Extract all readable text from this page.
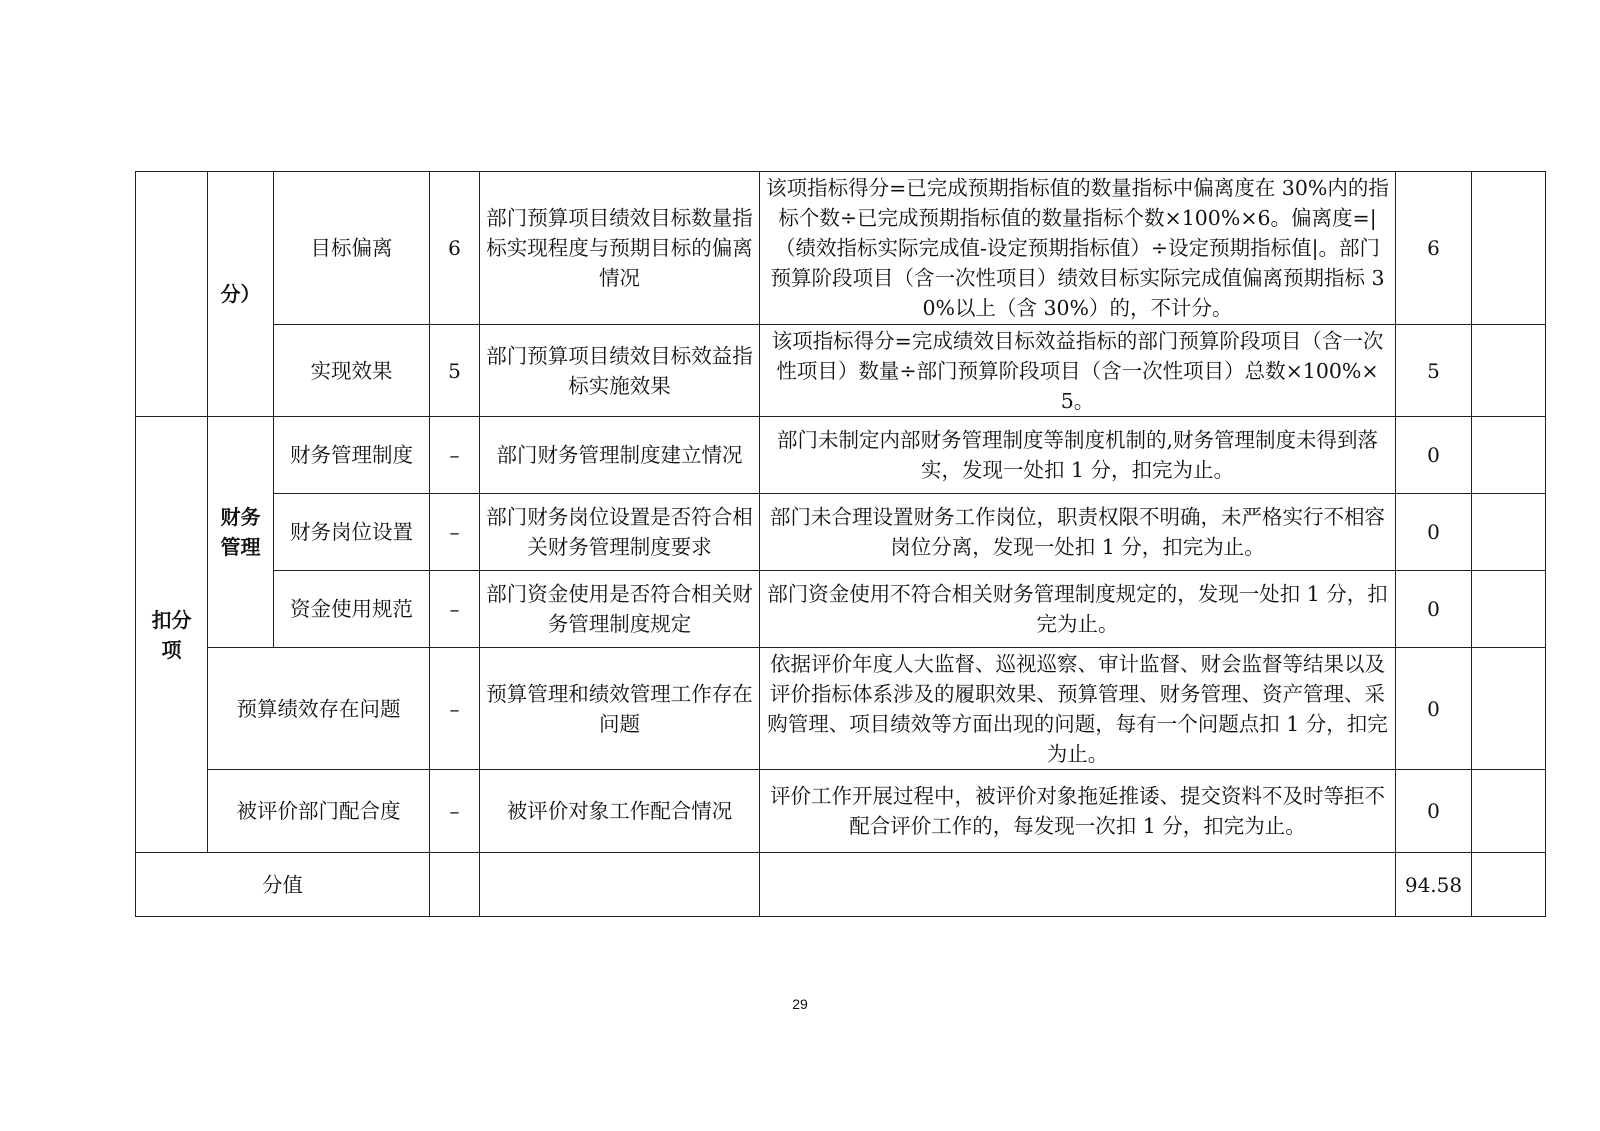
	分）	目标偏离	6	部门预算项目绩效目标数量指标实现程度与预期目标的偏离情况	该项指标得分=已完成预期指标值的数量指标中偏离度在 30%内的指标个数÷已完成预期指标值的数量指标个数×100%×6。偏离度=|（绩效指标实际完成值-设定预期指标值）÷设定预期指标值|。部门预算阶段项目（含一次性项目）绩效目标实际完成值偏离预期指标 30%以上（含 30%）的，不计分。	6	
		实现效果	5	部门预算项目绩效目标效益指标实施效果	该项指标得分=完成绩效目标效益指标的部门预算阶段项目（含一次性项目）数量÷部门预算阶段项目（含一次性项目）总数×100%×5。	5	
扣分项	财务管理	财务管理制度	–	部门财务管理制度建立情况	部门未制定内部财务管理制度等制度机制的,财务管理制度未得到落实，发现一处扣 1 分，扣完为止。	0	
		财务岗位设置	–	部门财务岗位设置是否符合相关财务管理制度要求	部门未合理设置财务工作岗位，职责权限不明确，未严格实行不相容岗位分离，发现一处扣 1 分，扣完为止。	0	
		资金使用规范	–	部门资金使用是否符合相关财务管理制度规定	部门资金使用不符合相关财务管理制度规定的，发现一处扣 1 分，扣完为止。	0	
	预算绩效存在问题		–	预算管理和绩效管理工作存在问题	依据评价年度人大监督、巡视巡察、审计监督、财会监督等结果以及评价指标体系涉及的履职效果、预算管理、财务管理、资产管理、采购管理、项目绩效等方面出现的问题，每有一个问题点扣 1 分，扣完为止。	0	
	被评价部门配合度		–	被评价对象工作配合情况	评价工作开展过程中，被评价对象拖延推诿、提交资料不及时等拒不配合评价工作的，每发现一次扣 1 分，扣完为止。	0	
分值						94.58	
29
